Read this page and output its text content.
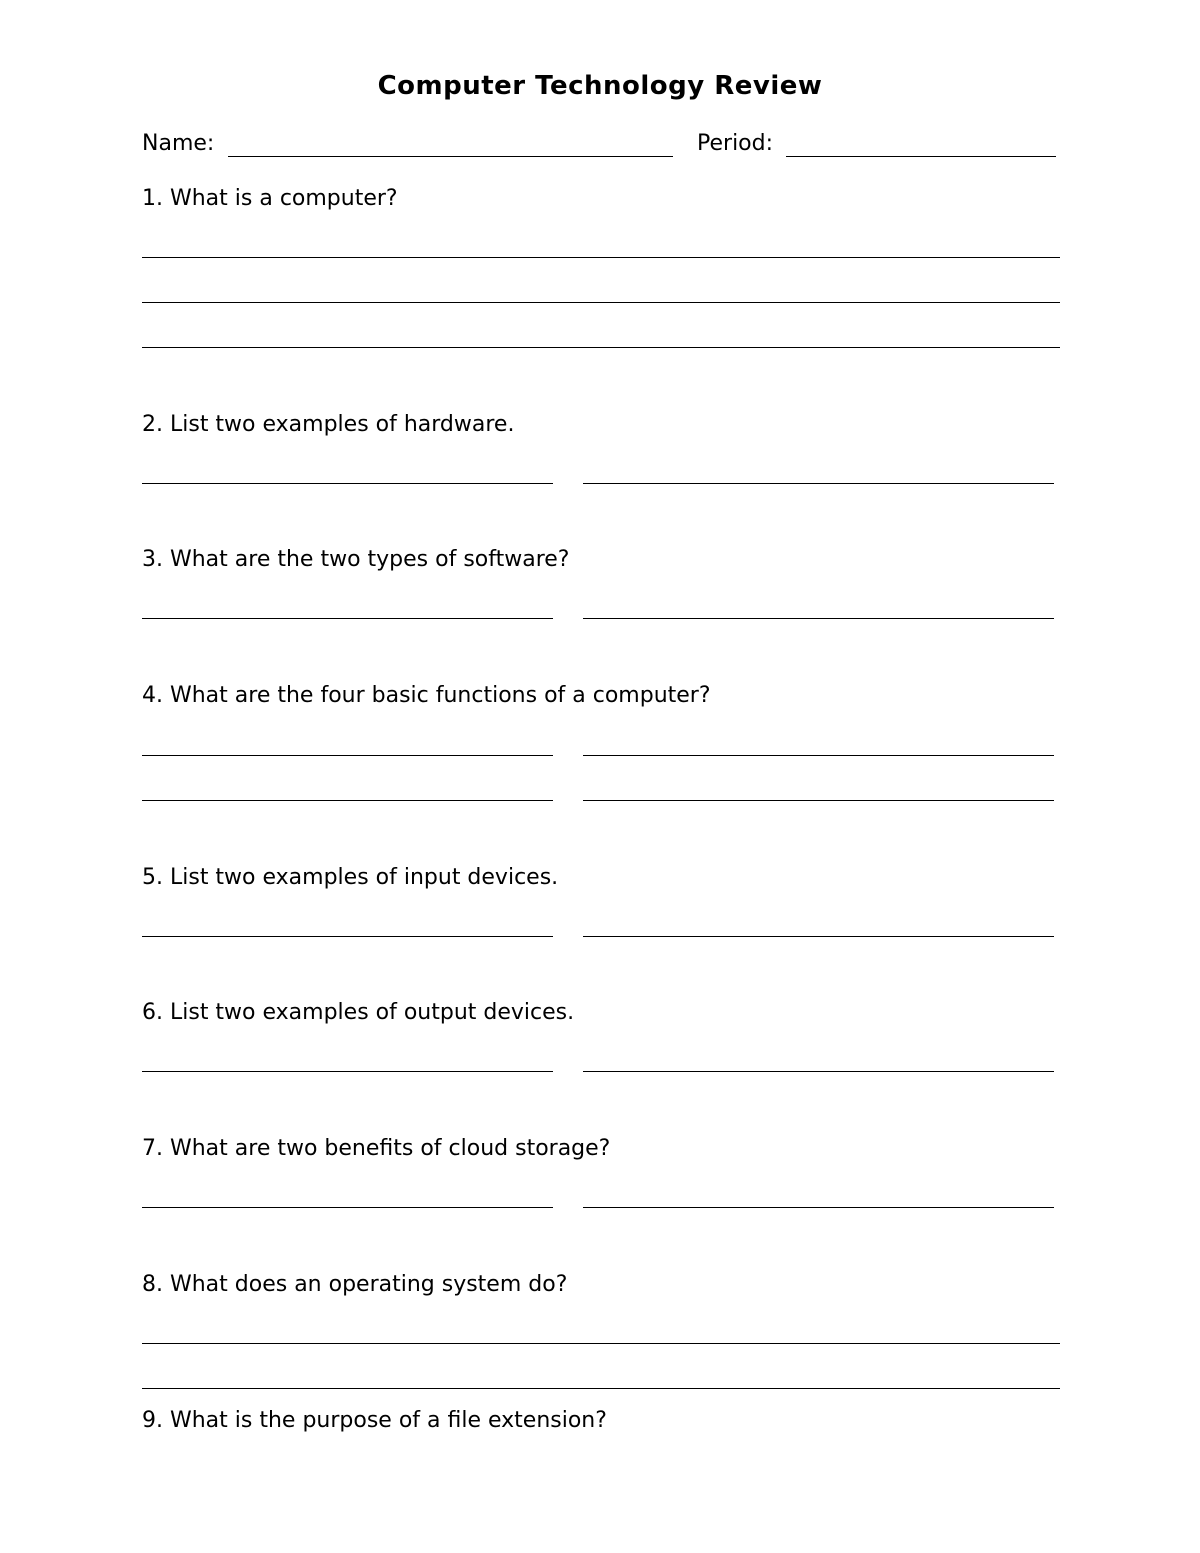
Computer Technology Review
Name:	Period:
1. What is a computer?
2. List two examples of hardware.
3. What are the two types of software?
4. What are the four basic functions of a computer?
5. List two examples of input devices.
6. List two examples of output devices.
7. What are two benefits of cloud storage?
8. What does an operating system do?
9. What is the purpose of a file extension?
